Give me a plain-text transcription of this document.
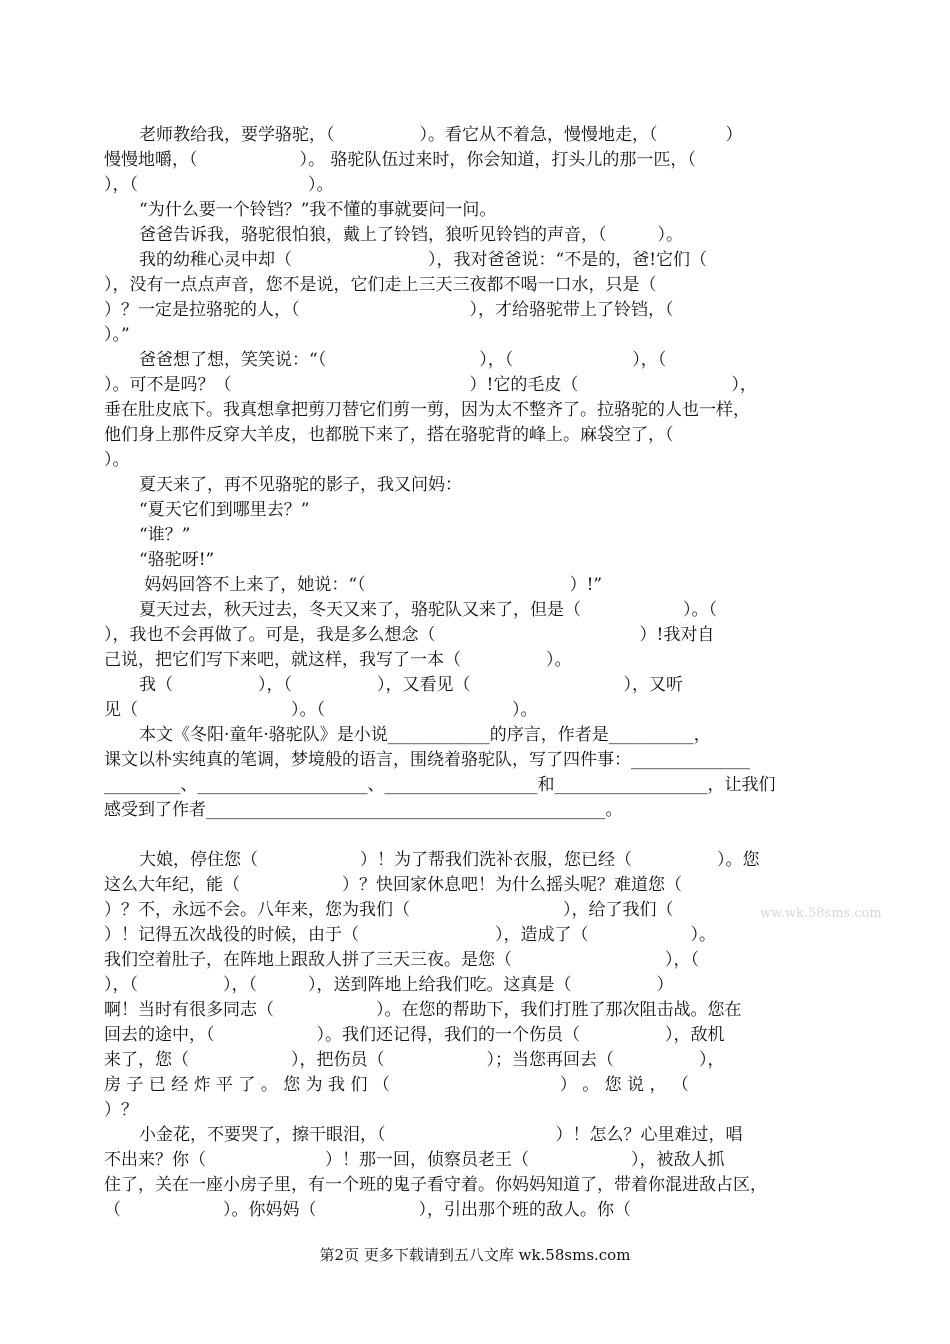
老师教给我，要学骆驼，（　　　　　）。看它从不着急，慢慢地走，（　　　　）
慢慢地嚼，（　　　　　　）。 骆驼队伍过来时，你会知道，打头儿的那一匹，（
），（　　　　　　　　　　）。
“为什么要一个铃铛？”我不懂的事就要问一问。
爸爸告诉我，骆驼很怕狼，戴上了铃铛，狼听见铃铛的声音，（　　　）。
我的幼稚心灵中却（　　　　　　　　），我对爸爸说：“不是的，爸!它们（
），没有一点点声音，您不是说，它们走上三天三夜都不喝一口水，只是（
）？一定是拉骆驼的人，（　　　　　　　　　　），才给骆驼带上了铃铛，（
）。”
爸爸想了想，笑笑说：“（　　　　　　　　　），（　　　　　　　），（
）。可不是吗？（　　　　　　　　　　　　　　）!它的毛皮（　　　　　　　　　），
垂在肚皮底下。我真想拿把剪刀替它们剪一剪，因为太不整齐了。拉骆驼的人也一样，
他们身上那件反穿大羊皮，也都脱下来了，搭在骆驼背的峰上。麻袋空了，（
）。
夏天来了，再不见骆驼的影子，我又问妈：
“夏天它们到哪里去？”
“谁？”
“骆驼呀!”
妈妈回答不上来了，她说：“（　　　　　　　　　　　　）!”
夏天过去，秋天过去，冬天又来了，骆驼队又来了，但是（　　　　　　）。（
），我也不会再做了。可是，我是多么想念（　　　　　　　　　　　　）!我对自
己说，把它们写下来吧，就这样，我写了一本（　　　　　）。
我（　　　　　），（　　　　　），又看见（　　　　　　　　　），又听
见（　　　　　　　　　）。（　　　　　　　　　　　）。
本文《冬阳·童年·骆驼队》是小说____________的序言，作者是__________，
课文以朴实纯真的笔调，梦境般的语言，围绕着骆驼队，写了四件事：______________
_________、____________________、__________________和__________________，让我们
感受到了作者_______________________________________________。
大娘，停住您（　　　　　　）！为了帮我们洗补衣服，您已经（　　　　　）。您
这么大年纪，能（　　　　　　）？快回家休息吧！为什么摇头呢？难道您（
）？不，永远不会。八年来，您为我们（　　　　　　　　　），给了我们（
）！记得五次战役的时候，由于（　　　　　　　　），造成了（　　　　　　）。
我们空着肚子，在阵地上跟敌人拼了三天三夜。是您（　　　　　　　　　），（
），（　　　　　），（　　　），送到阵地上给我们吃。这真是（　　　　　）
啊！当时有很多同志（　　　　　　）。在您的帮助下，我们打胜了那次阻击战。您在
回去的途中，（　　　　　　）。我们还记得，我们的一个伤员（　　　　　），敌机
来了，您（　　　　　　），把伤员（　　　　　　）；当您再回去（　　　　　），
房 子 已 经 炸 平 了 。 您 为 我 们 （　　　　　　　　　　） 。 您 说 ， （
）？
小金花，不要哭了，擦干眼泪，（　　　　　　　　　　）！怎么？心里难过，唱
不出来？你（　　　　　　　）！那一回，侦察员老王（　　　　　　），被敌人抓
住了，关在一座小房子里，有一个班的鬼子看守着。你妈妈知道了，带着你混进敌占区，
（　　　　　　）。你妈妈（　　　　　　），引出那个班的敌人。你（
ww.wk.58sms.com
第2页 更多下载请到五八文库 wk.58sms.com
